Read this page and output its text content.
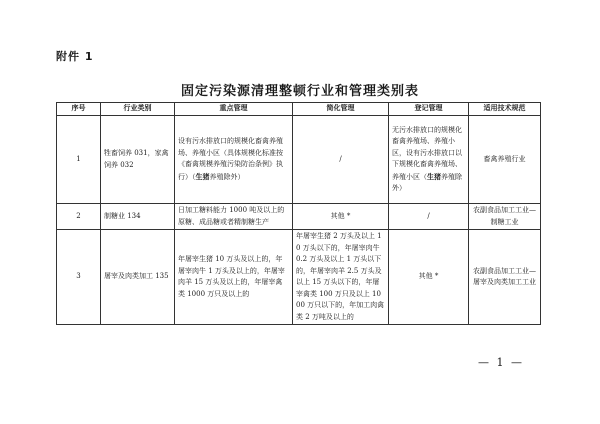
附件 1
固定污染源清理整顿行业和管理类别表
序号	行业类别	重点管理	简化管理	登记管理	适用技术规范
1	牲畜饲养 031，家禽饲养 032	设有污水排放口的规模化畜禽养殖场、养殖小区（具体规模化标准按《畜禽规模养殖污染防治条例》执行）（生猪养殖除外）	/	无污水排放口的规模化畜禽养殖场、养殖小区，设有污水排放口以下规模化畜禽养殖场、养殖小区（生猪养殖除外）	畜禽养殖行业
2	制糖业 134	日加工糖料能力 1000 吨及以上的原糖、成品糖或者精制糖生产	其他 *	/	农副食品加工工业—制糖工业
3	屠宰及肉类加工 135	年屠宰生猪 10 万头及以上的，年屠宰肉牛 1 万头及以上的，年屠宰肉羊 15 万头及以上的，年屠宰禽类 1000 万只及以上的	年屠宰生猪 2 万头及以上 10 万头以下的，年屠宰肉牛 0.2 万头及以上 1 万头以下的，年屠宰肉羊 2.5 万头及以上 15 万头以下的，年屠宰禽类 100 万只及以上 1000 万只以下的，年加工肉禽类 2 万吨及以上的	其他 *	农副食品加工工业—屠宰及肉类加工工业
— 1 —
